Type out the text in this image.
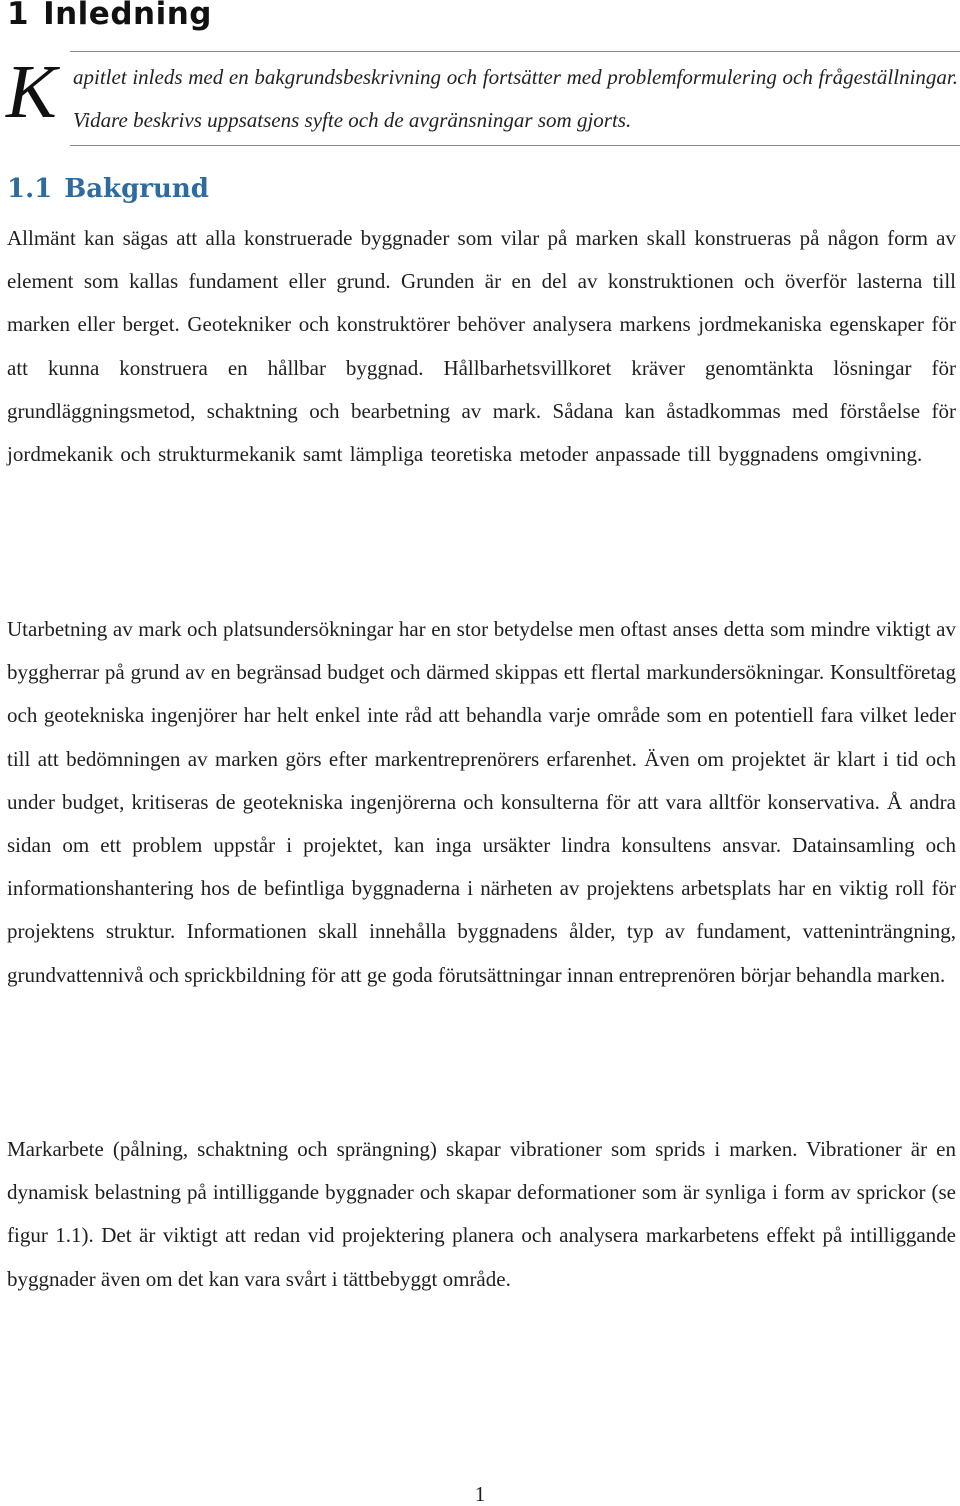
1 Inledning
K apitlet inleds med en bakgrundsbeskrivning och fortsätter med problemformulering och frågeställningar. Vidare beskrivs uppsatsens syfte och de avgränsningar som gjorts.

1.1 Bakgrund

Allmänt kan sägas att alla konstruerade byggnader som vilar på marken skall konstrueras på någon form av element som kallas fundament eller grund. Grunden är en del av konstruktionen och överför lasterna till marken eller berget. Geotekniker och konstruktörer behöver analysera markens jordmekaniska egenskaper för att kunna konstruera en hållbar byggnad. Hållbarhetsvillkoret kräver genomtänkta lösningar för grundläggningsmetod, schaktning och bearbetning av mark. Sådana kan åstadkommas med förståelse för jordmekanik och strukturmekanik samt lämpliga teoretiska metoder anpassade till byggnadens omgivning.

Utarbetning av mark och platsundersökningar har en stor betydelse men oftast anses detta som mindre viktigt av byggherrar på grund av en begränsad budget och därmed skippas ett flertal markundersökningar. Konsultföretag och geotekniska ingenjörer har helt enkel inte råd att behandla varje område som en potentiell fara vilket leder till att bedömningen av marken görs efter markentreprenörers erfarenhet. Även om projektet är klart i tid och under budget, kritiseras de geotekniska ingenjörerna och konsulterna för att vara alltför konservativa. Å andra sidan om ett problem uppstår i projektet, kan inga ursäkter lindra konsultens ansvar. Datainsamling och informationshantering hos de befintliga byggnaderna i närheten av projektens arbetsplats har en viktig roll för projektens struktur. Informationen skall innehålla byggnadens ålder, typ av fundament, vatteninträngning, grundvattennivå och sprickbildning för att ge goda förutsättningar innan entreprenören börjar behandla marken.

Markarbete (pålning, schaktning och sprängning) skapar vibrationer som sprids i marken. Vibrationer är en dynamisk belastning på intilliggande byggnader och skapar deformationer som är synliga i form av sprickor (se figur 1.1). Det är viktigt att redan vid projektering planera och analysera markarbetens effekt på intilliggande byggnader även om det kan vara svårt i tättbebyggt område.

1
